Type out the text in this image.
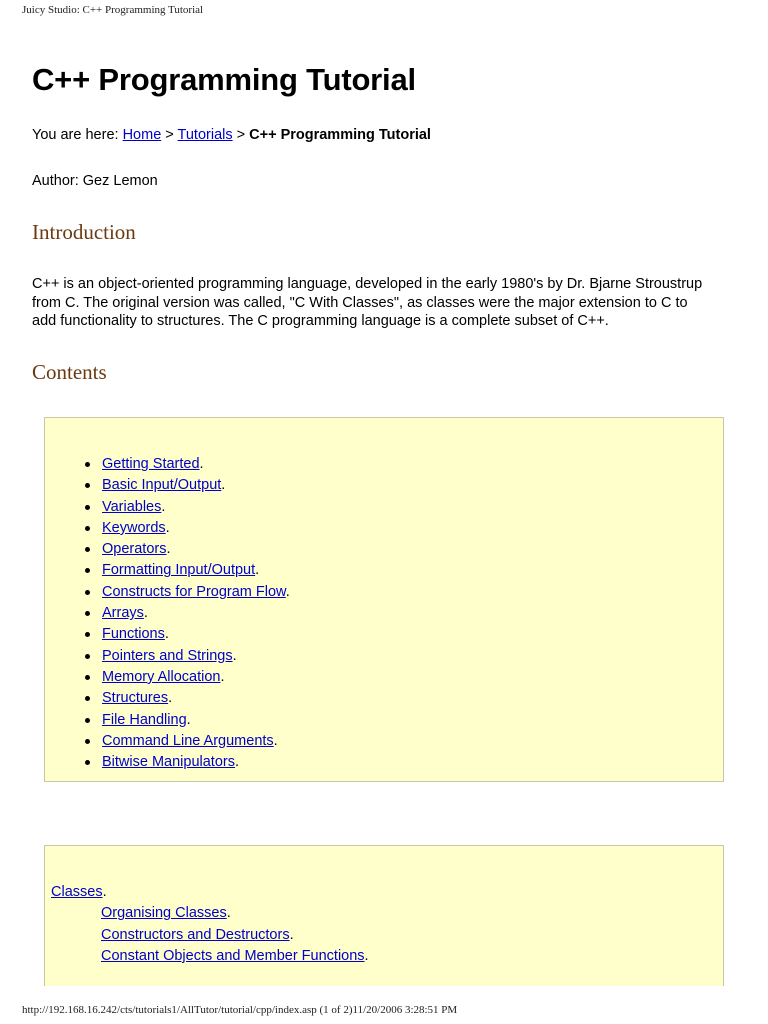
Juicy Studio: C++ Programming Tutorial
C++ Programming Tutorial
You are here: Home > Tutorials > C++ Programming Tutorial
Author: Gez Lemon
Introduction
C++ is an object-oriented programming language, developed in the early 1980's by Dr. Bjarne Stroustrup
from C. The original version was called, "C With Classes", as classes were the major extension to C to
add functionality to structures. The C programming language is a complete subset of C++.
Contents
Getting Started.
Basic Input/Output.
Variables.
Keywords.
Operators.
Formatting Input/Output.
Constructs for Program Flow.
Arrays.
Functions.
Pointers and Strings.
Memory Allocation.
Structures.
File Handling.
Command Line Arguments.
Bitwise Manipulators.
Classes.
Organising Classes.
Constructors and Destructors.
Constant Objects and Member Functions.
http://192.168.16.242/cts/tutorials1/AllTutor/tutorial/cpp/index.asp (1 of 2)11/20/2006 3:28:51 PM
